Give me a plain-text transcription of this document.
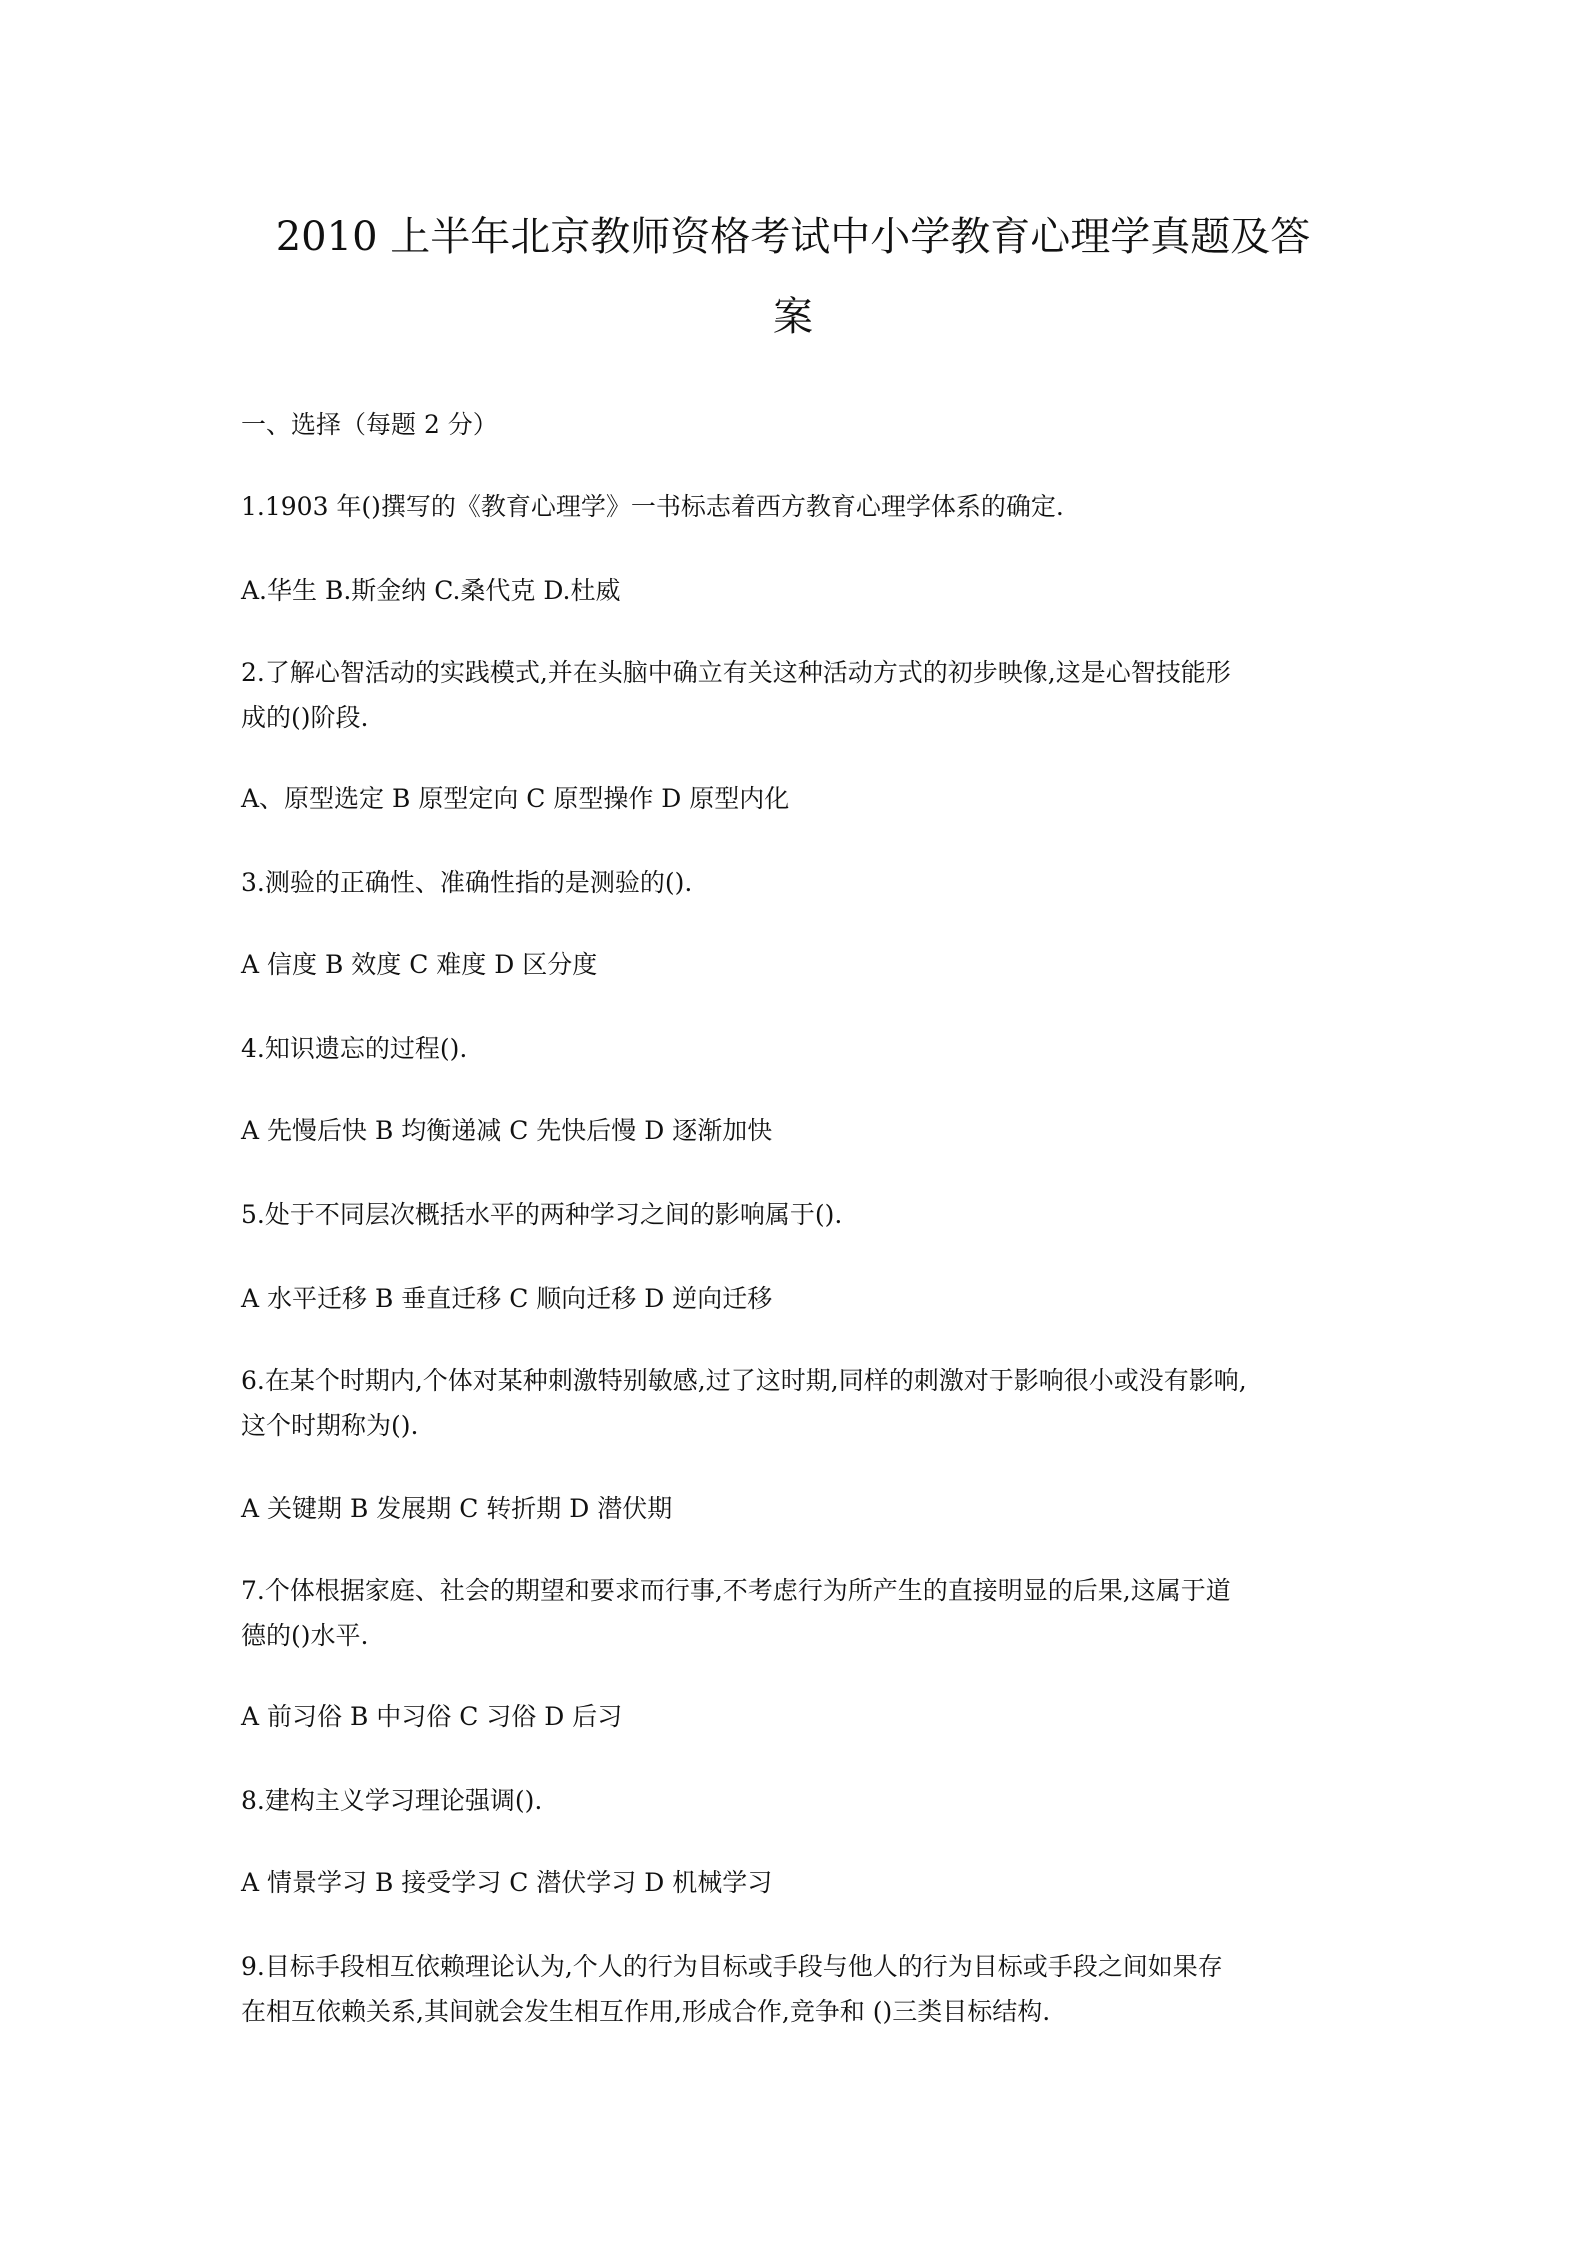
2010 上半年北京教师资格考试中小学教育心理学真题及答
案
一、选择（每题 2 分）
1.1903 年()撰写的《教育心理学》一书标志着西方教育心理学体系的确定.
A.华生 B.斯金纳 C.桑代克 D.杜威
2.了解心智活动的实践模式,并在头脑中确立有关这种活动方式的初步映像,这是心智技能形
成的()阶段.
A、原型选定 B 原型定向 C 原型操作 D 原型内化
3.测验的正确性、准确性指的是测验的().
A 信度 B 效度 C 难度 D 区分度
4.知识遗忘的过程().
A 先慢后快 B 均衡递减 C 先快后慢 D 逐渐加快
5.处于不同层次概括水平的两种学习之间的影响属于().
A 水平迁移 B 垂直迁移 C 顺向迁移 D 逆向迁移
6.在某个时期内,个体对某种刺激特别敏感,过了这时期,同样的刺激对于影响很小或没有影响,
这个时期称为().
A 关键期 B 发展期 C 转折期 D 潜伏期
7.个体根据家庭、社会的期望和要求而行事,不考虑行为所产生的直接明显的后果,这属于道
德的()水平.
A 前习俗 B 中习俗 C 习俗 D 后习
8.建构主义学习理论强调().
A 情景学习 B 接受学习 C 潜伏学习 D 机械学习
9.目标手段相互依赖理论认为,个人的行为目标或手段与他人的行为目标或手段之间如果存
在相互依赖关系,其间就会发生相互作用,形成合作,竞争和 ()三类目标结构.
